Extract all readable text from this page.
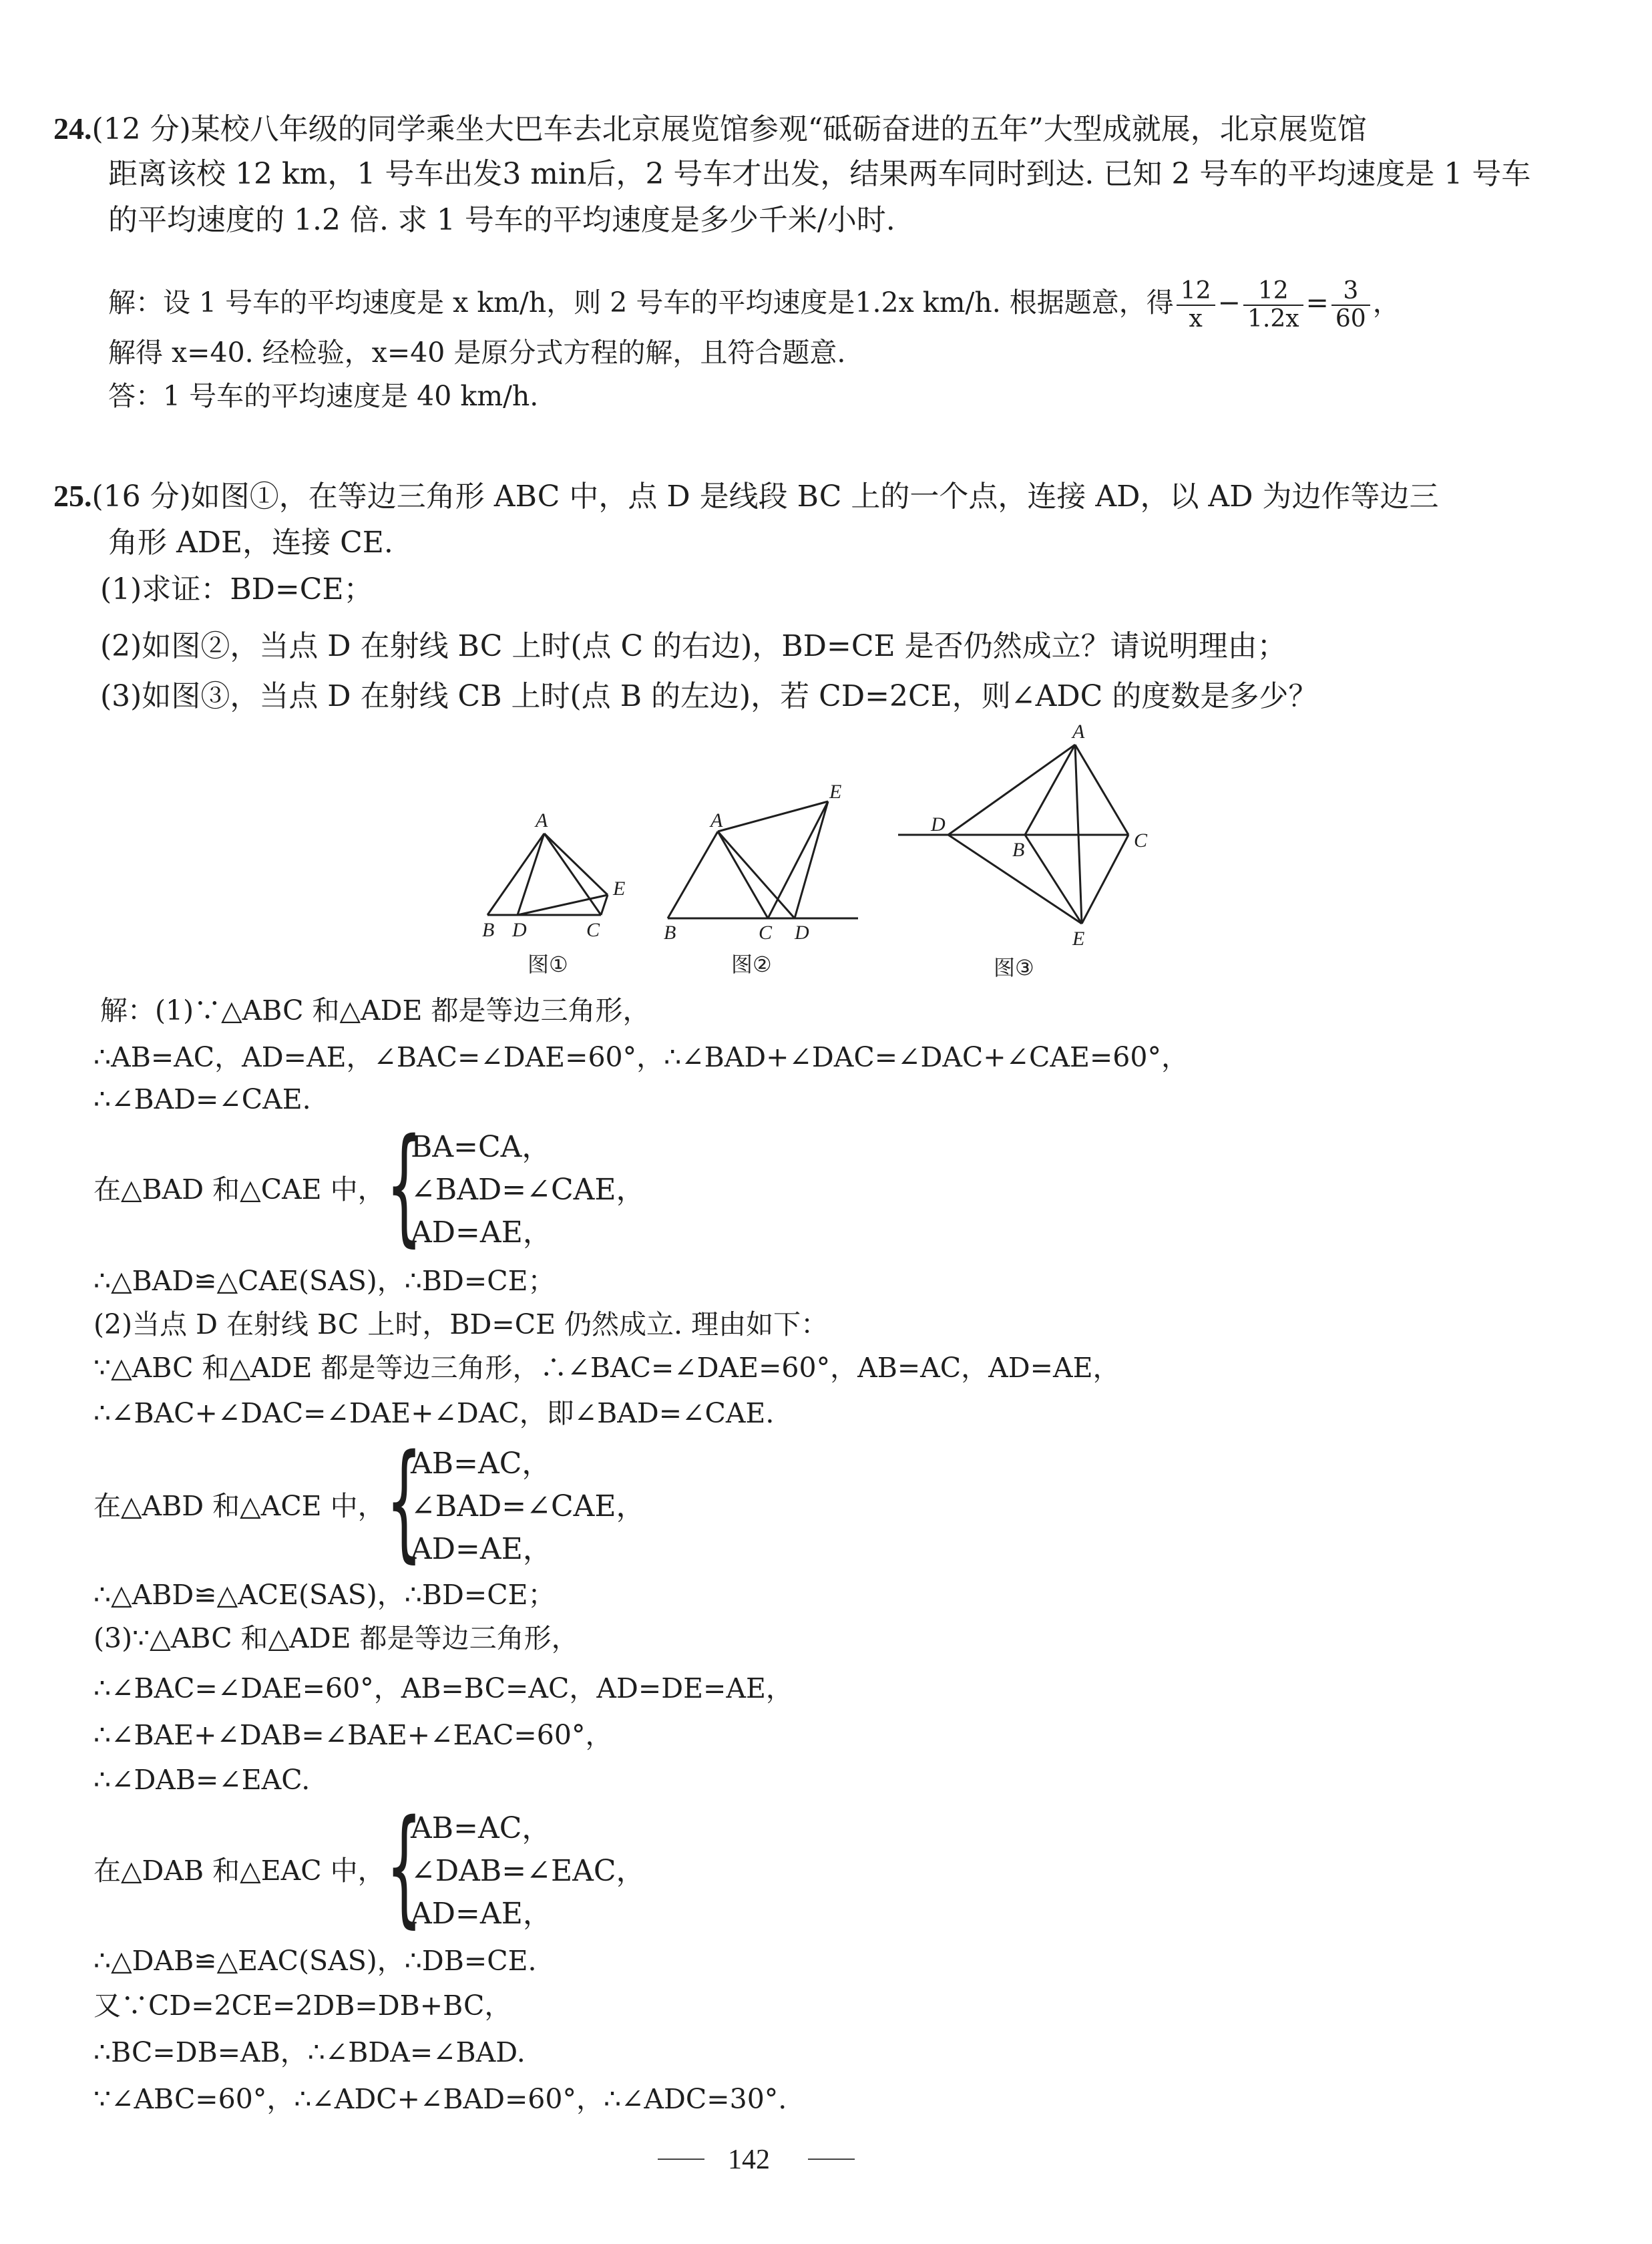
24.(12 分)某校八年级的同学乘坐大巴车去北京展览馆参观“砥砺奋进的五年”大型成就展，北京展览馆
距离该校 12 km，1 号车出发3 min后，2 号车才出发，结果两车同时到达. 已知 2 号车的平均速度是 1 号车
的平均速度的 1.2 倍. 求 1 号车的平均速度是多少千米/小时.
解：设 1 号车的平均速度是 x km/h，则 2 号车的平均速度是1.2x km/h. 根据题意，得 $\frac{12}{x} - \frac{12}{1.2x} = \frac{3}{60}$ ，
解得 x=40. 经检验，x=40 是原分式方程的解，且符合题意.
答：1 号车的平均速度是 40 km/h.
25.(16 分)如图①，在等边三角形 ABC 中，点 D 是线段 BC 上的一个点，连接 AD，以 AD 为边作等边三
角形 ADE，连接 CE.
(1)求证：BD=CE；
(2)如图②，当点 D 在射线 BC 上时(点 C 的右边)，BD=CE 是否仍然成立？请说明理由；
(3)如图③，当点 D 在射线 CB 上时(点 B 的左边)，若 CD=2CE，则∠ADC 的度数是多少？
A
B D	C
E
图①
A
E
B	C D
图②
A
D
B	C
E
图③
解：(1)∵△ABC 和△ADE 都是等边三角形，
∴AB=AC，AD=AE，∠BAC=∠DAE=60°，∴∠BAD+∠DAC=∠DAC+∠CAE=60°，
∴∠BAD=∠CAE.
在△BAD 和△CAE 中， {
BA=CA，
∠BAD=∠CAE，
AD=AE，
∴△BAD≌△CAE(SAS)，∴BD=CE；
(2)当点 D 在射线 BC 上时，BD=CE 仍然成立. 理由如下：
∵△ABC 和△ADE 都是等边三角形，∴∠BAC=∠DAE=60°，AB=AC，AD=AE，
∴∠BAC+∠DAC=∠DAE+∠DAC，即∠BAD=∠CAE.
在△ABD 和△ACE 中， {
AB=AC，
∠BAD=∠CAE，
AD=AE，
∴△ABD≌△ACE(SAS)，∴BD=CE；
(3)∵△ABC 和△ADE 都是等边三角形，
∴∠BAC=∠DAE=60°，AB=BC=AC，AD=DE=AE，
∴∠BAE+∠DAB=∠BAE+∠EAC=60°，
∴∠DAB=∠EAC.
在△DAB 和△EAC 中， {
AB=AC，
∠DAB=∠EAC，
AD=AE，
∴△DAB≌△EAC(SAS)，∴DB=CE.
又∵CD=2CE=2DB=DB+BC，
∴BC=DB=AB，∴∠BDA=∠BAD.
∵∠ABC=60°，∴∠ADC+∠BAD=60°，∴∠ADC=30°.
142
